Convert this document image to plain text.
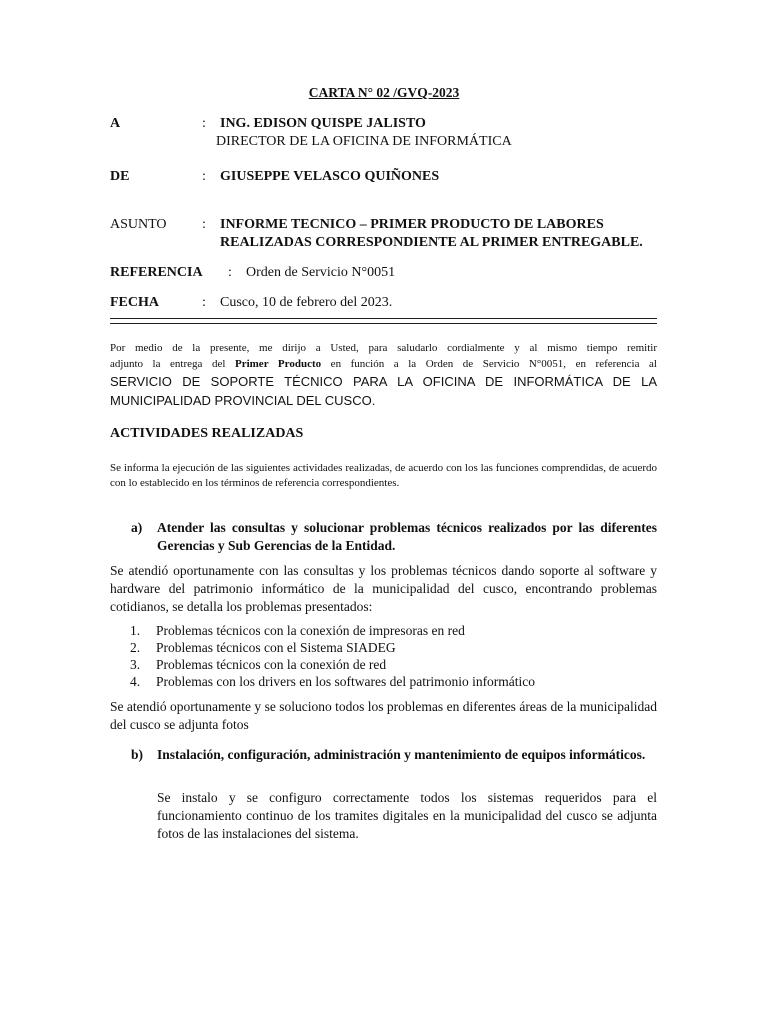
CARTA N° 02 /GVQ-2023
A	: ING. EDISON QUISPE JALISTO
DIRECTOR DE LA OFICINA DE INFORMÁTICA
DE	: GIUSEPPE VELASCO QUIÑONES
ASUNTO	: INFORME TECNICO – PRIMER PRODUCTO DE LABORES
REALIZADAS CORRESPONDIENTE AL PRIMER ENTREGABLE.
REFERENCIA : Orden de Servicio N°0051
FECHA	: Cusco, 10 de febrero del 2023.
Por medio de la presente, me dirijo a Usted, para saludarlo cordialmente y al mismo tiempo remitir
adjunto la entrega del Primer Producto en función a la Orden de Servicio N°0051, en referencia al
SERVICIO DE SOPORTE TÉCNICO PARA LA OFICINA DE INFORMÁTICA DE LA MUNICIPALIDAD PROVINCIAL DEL CUSCO.
ACTIVIDADES REALIZADAS
Se informa la ejecución de las siguientes actividades realizadas, de acuerdo con los las funciones comprendidas, de acuerdo con lo establecido en los términos de referencia correspondientes.
a) Atender las consultas y solucionar problemas técnicos realizados por las diferentes Gerencias y Sub Gerencias de la Entidad.
Se atendió oportunamente con las consultas y los problemas técnicos dando soporte al software y hardware del patrimonio informático de la municipalidad del cusco, encontrando problemas cotidianos, se detalla los problemas presentados:
1. Problemas técnicos con la conexión de impresoras en red
2. Problemas técnicos con el Sistema SIADEG
3. Problemas técnicos con la conexión de red
4. Problemas con los drivers en los softwares del patrimonio informático
Se atendió oportunamente y se soluciono todos los problemas en diferentes áreas de la municipalidad del cusco se adjunta fotos
b) Instalación, configuración, administración y mantenimiento de equipos informáticos.
Se instalo y se configuro correctamente todos los sistemas requeridos para el funcionamiento continuo de los tramites digitales en la municipalidad del cusco se adjunta fotos de las instalaciones del sistema.
